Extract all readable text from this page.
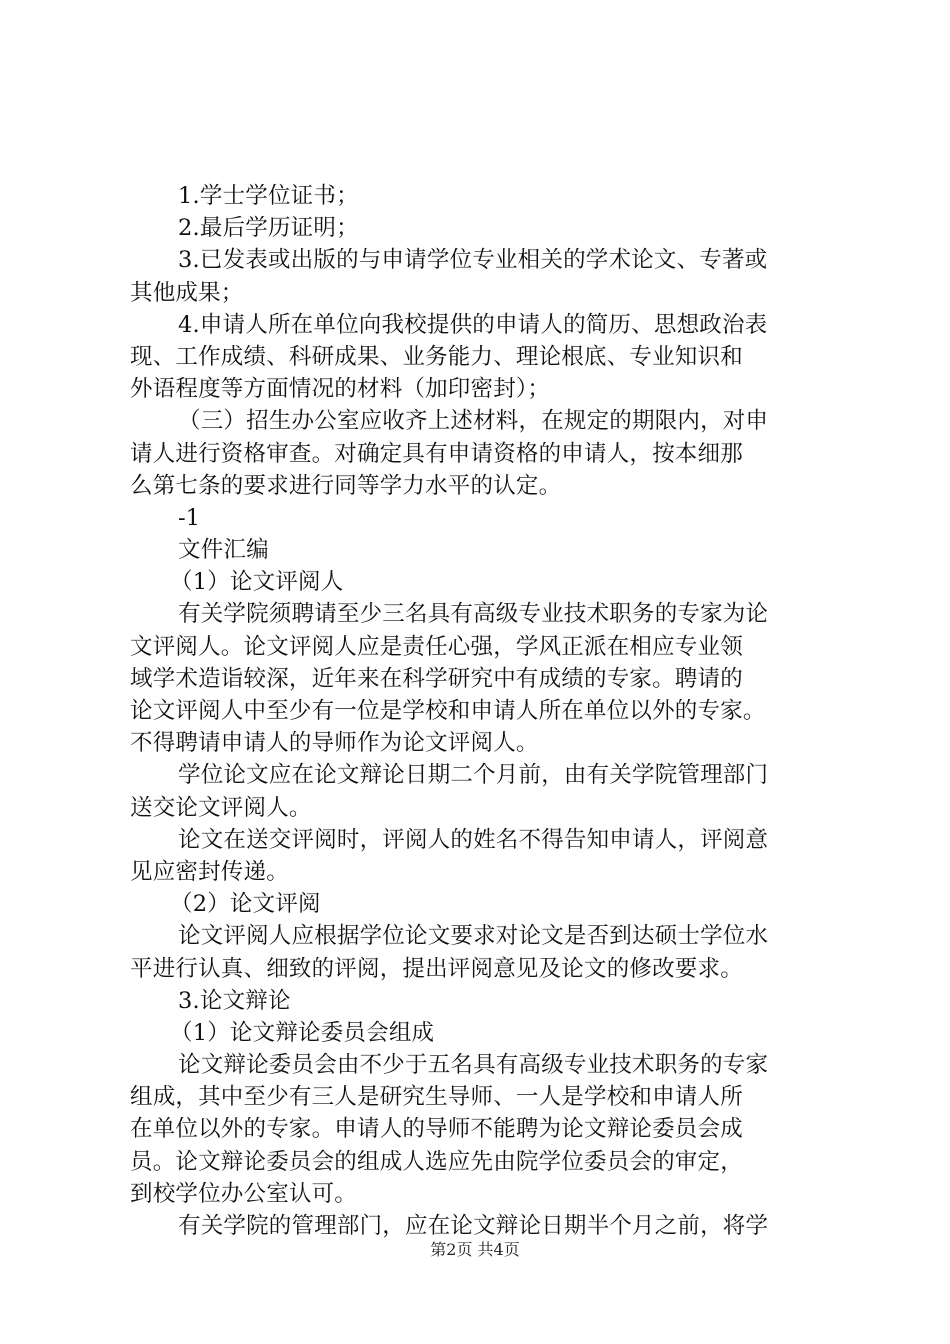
1.学士学位证书；
2.最后学历证明；
3.已发表或出版的与申请学位专业相关的学术论文、专著或
其他成果；
4.申请人所在单位向我校提供的申请人的简历、思想政治表
现、工作成绩、科研成果、业务能力、理论根底、专业知识和
外语程度等方面情况的材料（加印密封）；
（三）招生办公室应收齐上述材料，在规定的期限内，对申
请人进行资格审查。对确定具有申请资格的申请人，按本细那
么第七条的要求进行同等学力水平的认定。
-1
文件汇编
（1）论文评阅人
有关学院须聘请至少三名具有高级专业技术职务的专家为论
文评阅人。论文评阅人应是责任心强，学风正派在相应专业领
域学术造诣较深，近年来在科学研究中有成绩的专家。聘请的
论文评阅人中至少有一位是学校和申请人所在单位以外的专家。
不得聘请申请人的导师作为论文评阅人。
学位论文应在论文辩论日期二个月前，由有关学院管理部门
送交论文评阅人。
论文在送交评阅时，评阅人的姓名不得告知申请人，评阅意
见应密封传递。
（2）论文评阅
论文评阅人应根据学位论文要求对论文是否到达硕士学位水
平进行认真、细致的评阅，提出评阅意见及论文的修改要求。
3.论文辩论
（1）论文辩论委员会组成
论文辩论委员会由不少于五名具有高级专业技术职务的专家
组成，其中至少有三人是研究生导师、一人是学校和申请人所
在单位以外的专家。申请人的导师不能聘为论文辩论委员会成
员。论文辩论委员会的组成人选应先由院学位委员会的审定，
到校学位办公室认可。
有关学院的管理部门，应在论文辩论日期半个月之前，将学
第2页 共4页
